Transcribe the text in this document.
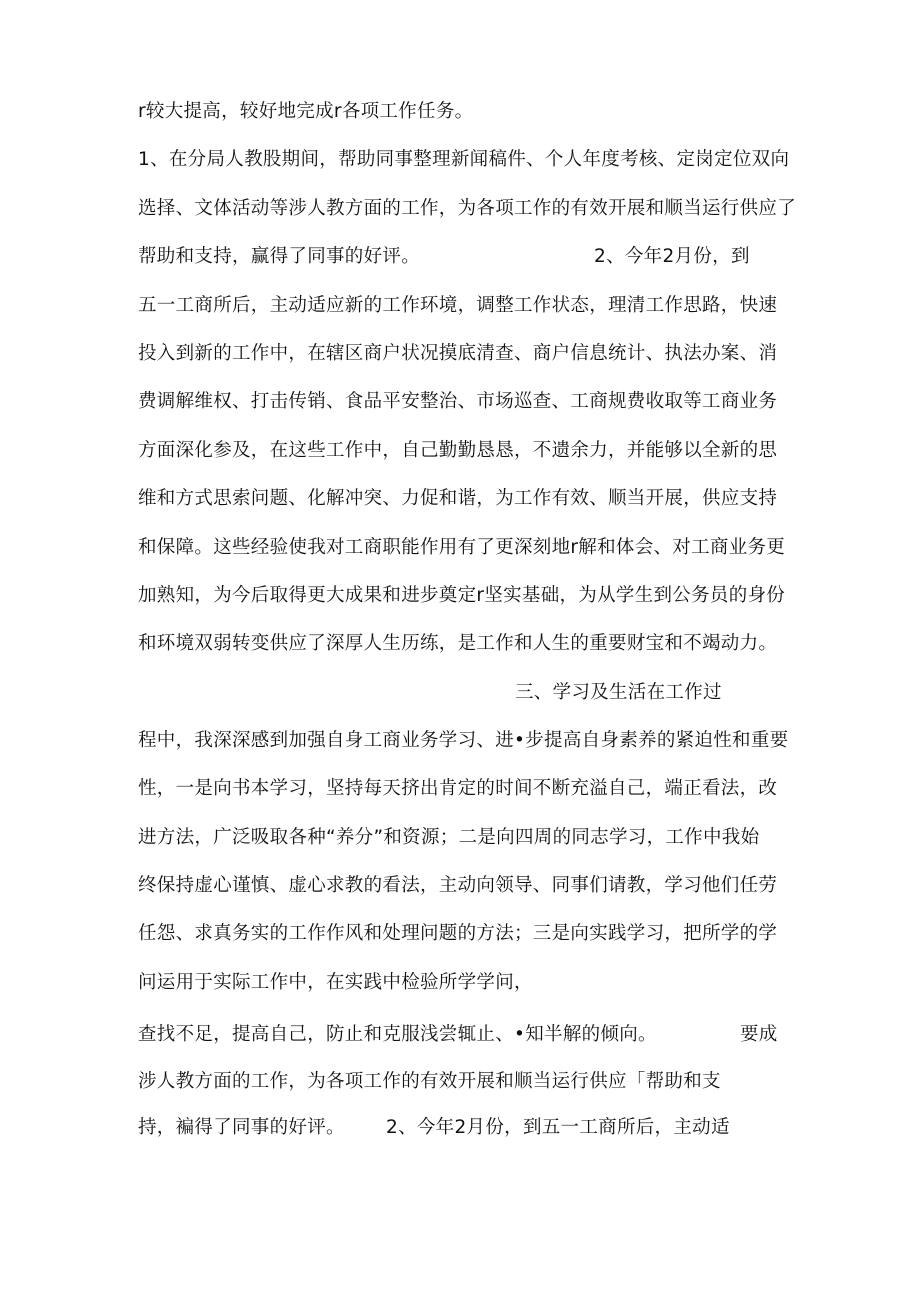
r较大提高，较好地完成r各项工作任务。
1、在分局人教股期间，帮助同事整理新闻稿件、个人年度考核、定岗定位双向
选择、文体活动等涉人教方面的工作，为各项工作的有效开展和顺当运行供应了
帮助和支持，赢得了同事的好评。	2、今年2月份，到
五一工商所后，主动适应新的工作环境，调整工作状态，理清工作思路，快速
投入到新的工作中，在辖区商户状况摸底清查、商户信息统计、执法办案、消
费调解维权、打击传销、食品平安整治、市场巡查、工商规费收取等工商业务
方面深化参及，在这些工作中，自己勤勤恳恳，不遗余力，并能够以全新的思
维和方式思索问题、化解冲突、力促和谐，为工作有效、顺当开展，供应支持
和保障。这些经验使我对工商职能作用有了更深刻地r解和体会、对工商业务更
加熟知，为今后取得更大成果和进步奠定r坚实基础，为从学生到公务员的身份
和环境双弱转变供应了深厚人生历练，是工作和人生的重要财宝和不竭动力。
三、学习及生活在工作过
程中，我深深感到加强自身工商业务学习、进•步提高自身素养的紧迫性和重要
性，一是向书本学习，坚持每天挤出肯定的时间不断充溢自己，端正看法，改
进方法，广泛吸取各种“养分”和资源；二是向四周的同志学习，工作中我始
终保持虚心谨慎、虚心求教的看法，主动向领导、同事们请教，学习他们任劳
任怨、求真务实的工作作风和处理问题的方法；三是向实践学习，把所学的学
问运用于实际工作中，在实践中检验所学学问，
查找不足，提高自己，防止和克服浅尝辄止、•知半解的倾向。	要成
涉人教方面的工作，为各项工作的有效开展和顺当运行供应「帮助和支
持，褊得了同事的好评。 2、今年2月份，到五一工商所后，主动适
